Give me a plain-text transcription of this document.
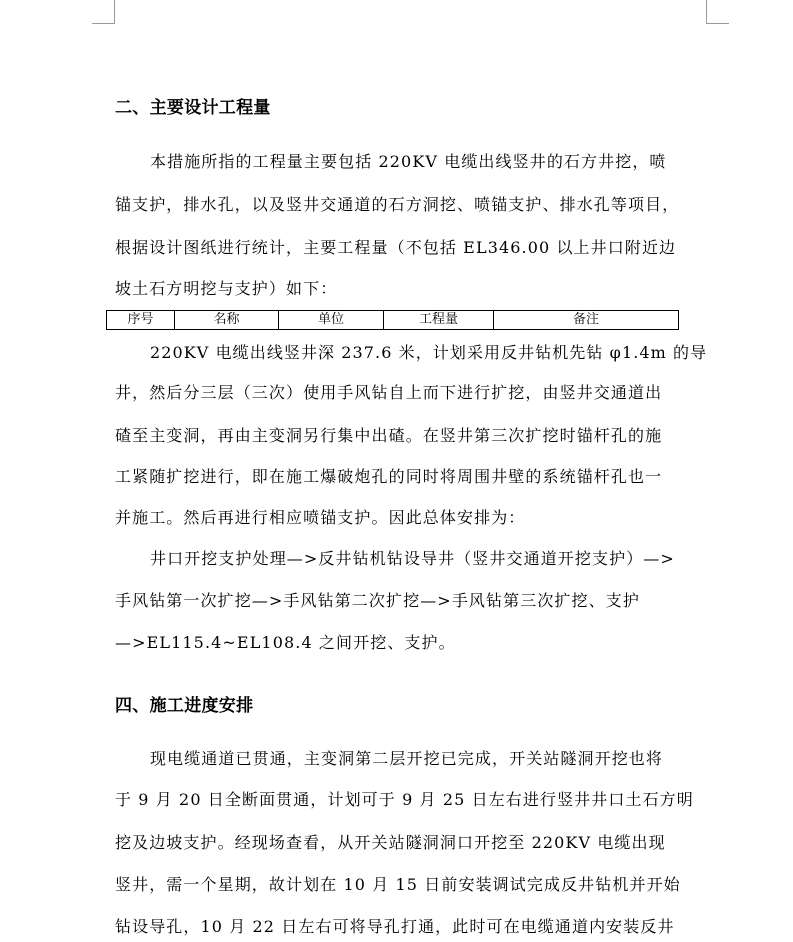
二、主要设计工程量
本措施所指的工程量主要包括 220KV 电缆出线竖井的石方井挖，喷
锚支护，排水孔，以及竖井交通道的石方洞挖、喷锚支护、排水孔等项目，
根据设计图纸进行统计，主要工程量（不包括 EL346.00 以上井口附近边
坡土石方明挖与支护）如下：
序号	名称	单位	工程量	备注
220KV 电缆出线竖井深 237.6 米，计划采用反井钻机先钻 φ1.4m 的导
井，然后分三层（三次）使用手风钻自上而下进行扩挖，由竖井交通道出
碴至主变洞，再由主变洞另行集中出碴。在竖井第三次扩挖时锚杆孔的施
工紧随扩挖进行，即在施工爆破炮孔的同时将周围井壁的系统锚杆孔也一
并施工。然后再进行相应喷锚支护。因此总体安排为：
井口开挖支护处理—>反井钻机钻设导井（竖井交通道开挖支护）—>
手风钻第一次扩挖—>手风钻第二次扩挖—>手风钻第三次扩挖、支护
—>EL115.4~EL108.4 之间开挖、支护。
四、施工进度安排
现电缆通道已贯通，主变洞第二层开挖已完成，开关站隧洞开挖也将
于 9 月 20 日全断面贯通，计划可于 9 月 25 日左右进行竖井井口土石方明
挖及边坡支护。经现场查看，从开关站隧洞洞口开挖至 220KV 电缆出现
竖井，需一个星期，故计划在 10 月 15 日前安装调试完成反井钻机并开始
钻设导孔，10 月 22 日左右可将导孔打通，此时可在电缆通道内安装反井
